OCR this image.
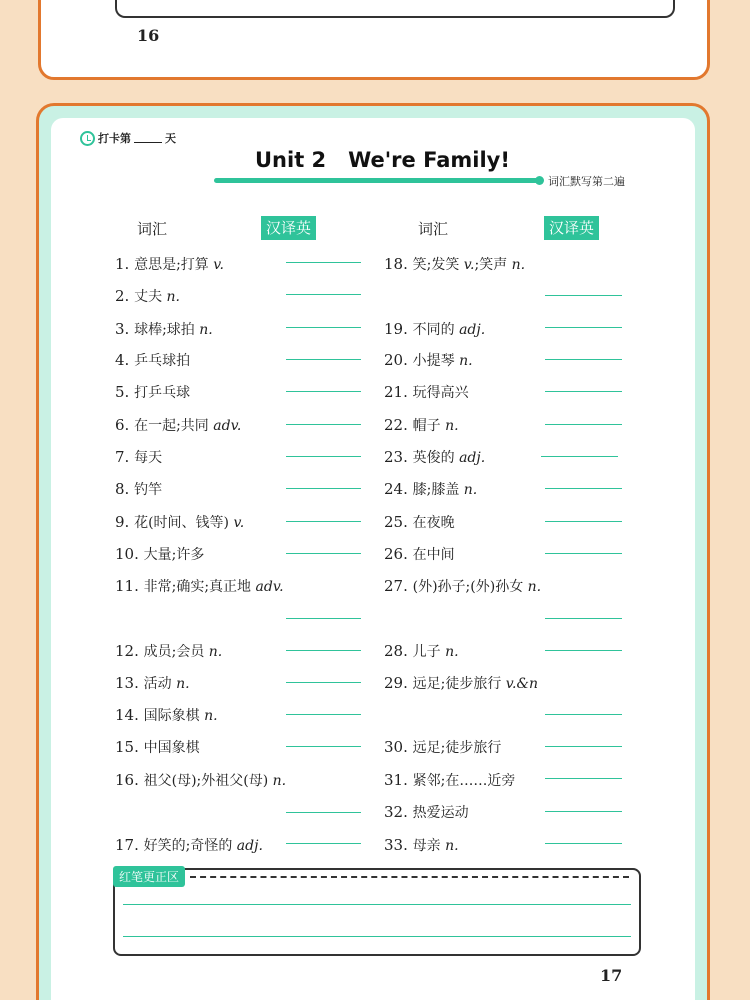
16
打卡第	天
Unit 2   We're Family!
词汇默写第二遍
词汇	汉译英	词汇	汉译英
1. 意思是;打算 v.
2. 丈夫 n.
3. 球棒;球拍 n.
4. 乒乓球拍
5. 打乒乓球
6. 在一起;共同 adv.
7. 每天
8. 钓竿
9. 花(时间、钱等) v.
10. 大量;许多
11. 非常;确实;真正地 adv.
12. 成员;会员 n.
13. 活动 n.
14. 国际象棋 n.
15. 中国象棋
16. 祖父(母);外祖父(母) n.
17. 好笑的;奇怪的 adj.
18. 笑;发笑 v.;笑声 n.
19. 不同的 adj.
20. 小提琴 n.
21. 玩得高兴
22. 帽子 n.
23. 英俊的 adj.
24. 膝;膝盖 n.
25. 在夜晚
26. 在中间
27. (外)孙子;(外)孙女 n.
28. 儿子 n.
29. 远足;徒步旅行 v.&n
30. 远足;徒步旅行
31. 紧邻;在……近旁
32. 热爱运动
33. 母亲 n.
红笔更正区
17
